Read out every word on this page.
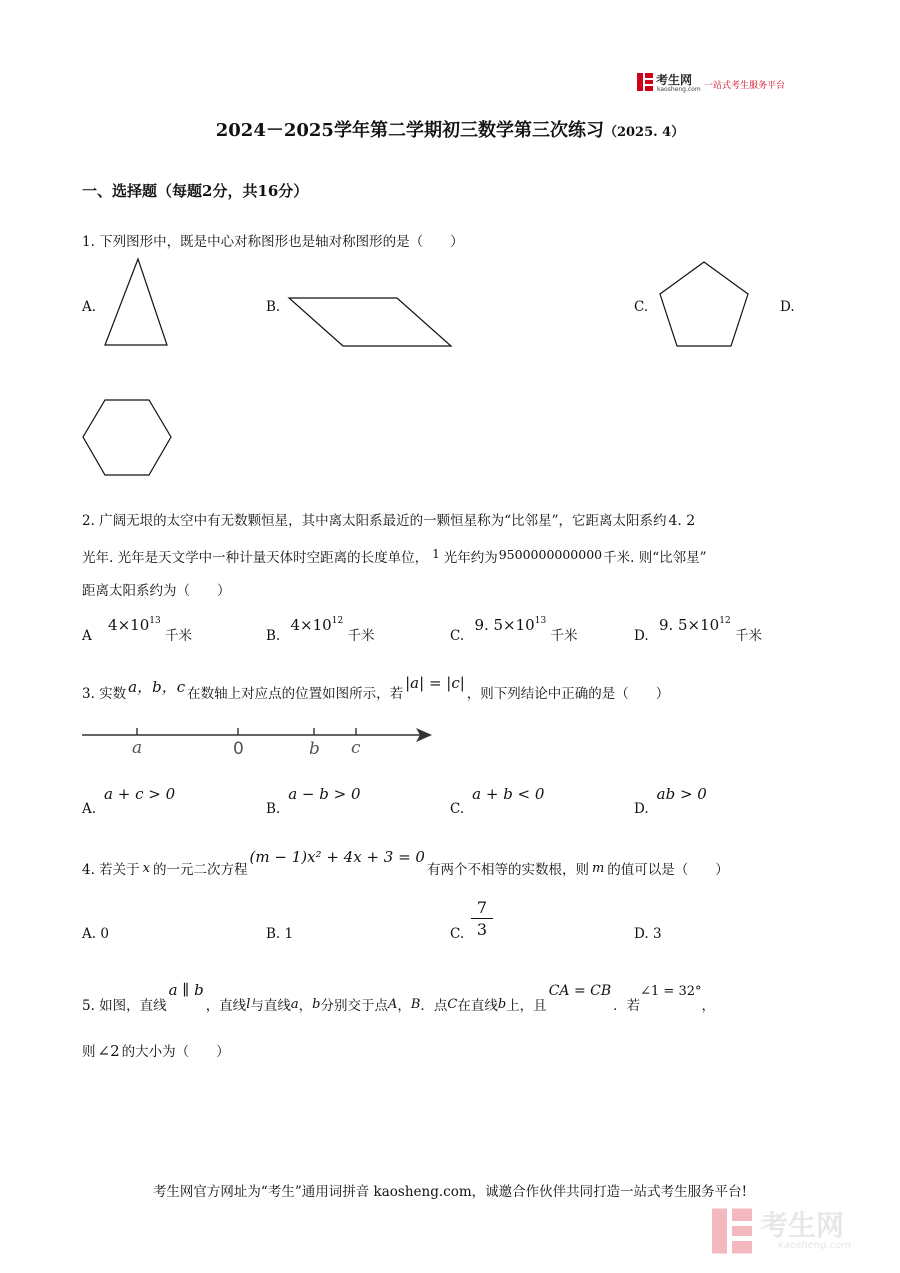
考生网
kaosheng.com 一站式考生服务平台
2024－2025学年第二学期初三数学第三次练习（2025. 4）
一、选择题（每题2分，共16分）
1. 下列图形中，既是中心对称图形也是轴对称图形的是（　　）
A.	B.	C.	D.
2. 广阔无垠的太空中有无数颗恒星，其中离太阳系最近的一颗恒星称为“比邻星”，它距离太阳系约 4. 2
光年. 光年是天文学中一种计量天体时空距离的长度单位， 1 光年约为9500000000000千米. 则“比邻星”
距离太阳系约为（　　）
A $4\times 10^{13}$ 千米	B. $4\times 10^{12}$ 千米	C. 9. $5\times 10^{13}$ 千米	D. 9. $5\times 10^{12}$ 千米
3. 实数 a，b，c 在数轴上对应点的位置如图所示，若|a| = |c|，则下列结论中正确的是（　　）
a	0	b c
A.a + c > 0
B.a − b > 0
C.a + b < 0
D.ab > 0
4. 若关于 x 的一元二次方程(m − 1)x² + 4x + 3 = 0有两个不相等的实数根，则 m 的值可以是（　　）
A. 0	B. 1	C.
7
3	D. 3
5. 如图，直线a ∥ b，直线l与直线a，b分别交于点A，B．点C在直线b上，且CA = CB．若∠1 = 32°，
则 ∠2 的大小为（　　）
考生网官方网址为“考生”通用词拼音 kaosheng.com，诚邀合作伙伴共同打造一站式考生服务平台!
考生网
kaosheng.com
